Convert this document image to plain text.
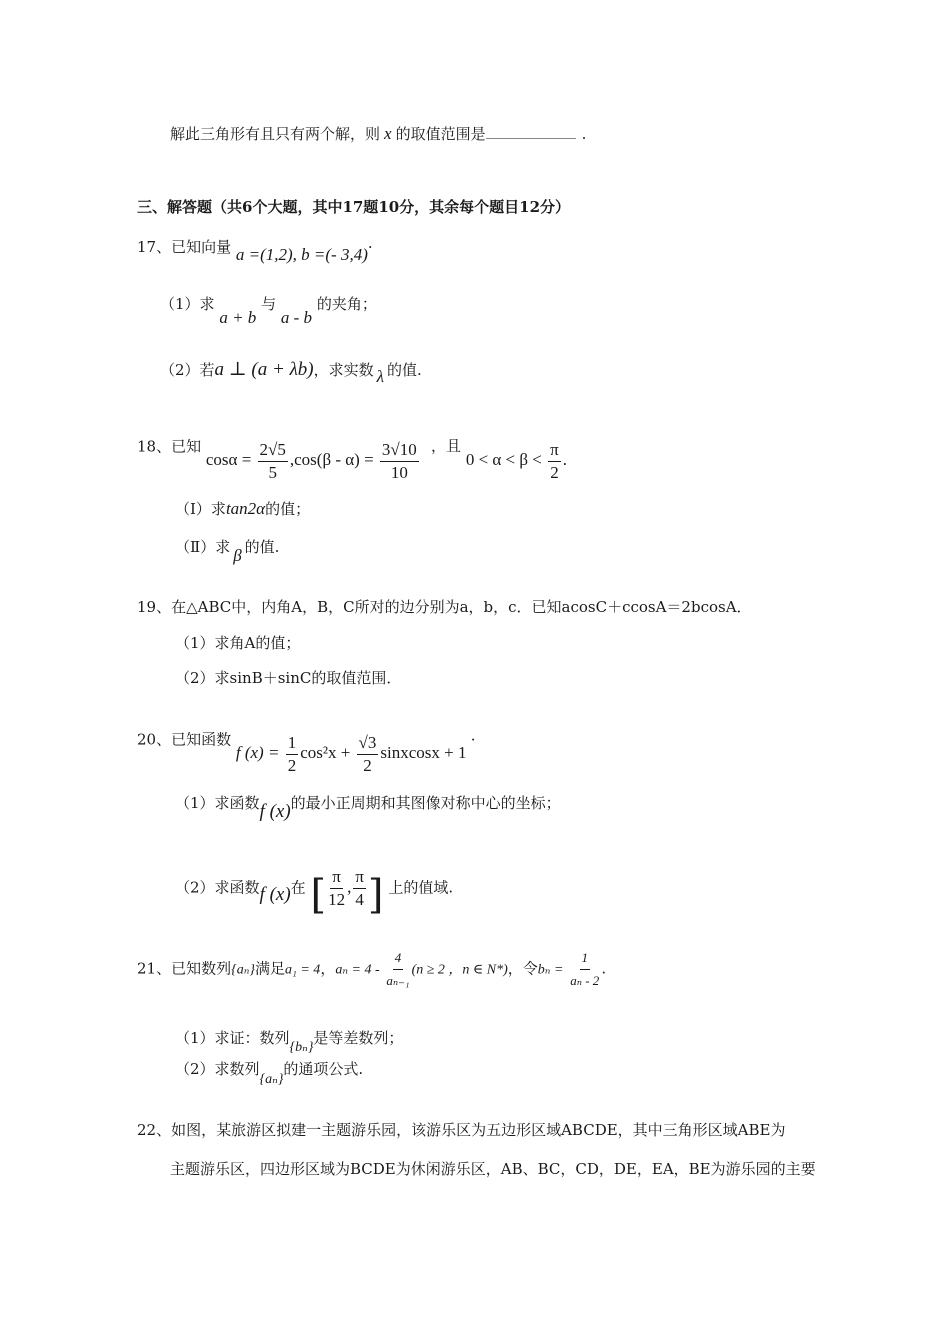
解此三角形有且只有两个解，则 x 的取值范围是	.
三、解答题（共6个大题，其中17题10分，其余每个题目12分）
17、已知向量 a =(1,2), b =(- 3,4)·
（1）求 a + b 与 a - b 的夹角；
（2）若a ⊥ (a + λb)，求实数 λ 的值.
18、已知 $\cos\alpha = \frac{2√5}{5} ,\cos(\beta - \alpha) = \frac{3√10}{10}$ ，且 $0 < \alpha < \beta < \frac{\pi}{2}$ .
（Ⅰ）求tan2α的值；
（Ⅱ）求 β 的值.
19、在△ABC中，内角A，B，C所对的边分别为a，b，c．已知acosC＋ccosA＝2bcosA．
（1）求角A的值；
（2）求sinB＋sinC的取值范围．
20、已知函数 f $(x) = \frac{1}{2} \cos^2x + \frac{√3}{2}$ sinxcosx + 1 ·
（1）求函数f (x)的最小正周期和其图像对称中心的坐标；
（2）求函数f (x)在 [ $\frac{\pi}{12}$ , $\frac{\pi}{4}$ ] 上的值域.
21、已知数列{aₙ}满足a₁ = 4，$a_n = 4 - \frac{4}{\text{aₙ₋₁}} (n \ge 2$ ，n ∈ N*)，令$b_n = \frac{1}{\text{aₙ - 2}}$ .
（1）求证：数列{bₙ}是等差数列；
（2）求数列{aₙ}的通项公式.
22、如图，某旅游区拟建一主题游乐园，该游乐区为五边形区域ABCDE，其中三角形区域ABE为
主题游乐区，四边形区域为BCDE为休闲游乐区，AB、BC，CD，DE，EA，BE为游乐园的主要
